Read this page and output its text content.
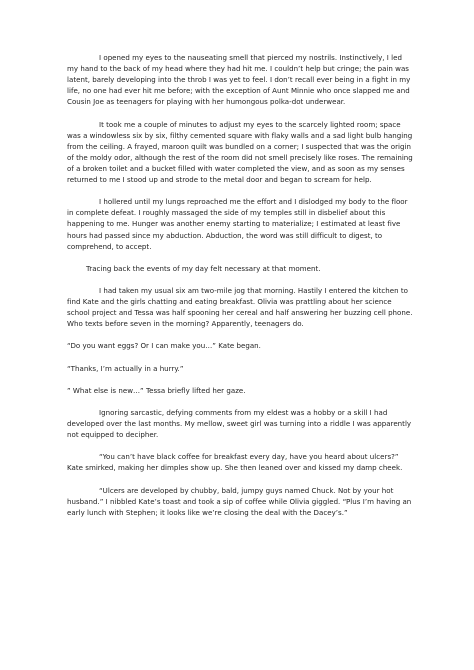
I opened my eyes to the nauseating smell that pierced my nostrils. Instinctively, I led my hand to the back of my head where they had hit me. I couldn’t help but cringe; the pain was latent, barely developing into the throb I was yet to feel. I don’t recall ever being in a fight in my life, no one had ever hit me before; with the exception of Aunt Minnie who once slapped me and Cousin Joe as teenagers for playing with her humongous polka-dot underwear.

It took me a couple of minutes to adjust my eyes to the scarcely lighted room; space was a windowless six by six, filthy cemented square with flaky walls and a sad light bulb hanging from the ceiling. A frayed, maroon quilt was bundled on a corner; I suspected that was the origin of the moldy odor, although the rest of the room did not smell precisely like roses. The remaining of a broken toilet and a bucket filled with water completed the view, and as soon as my senses returned to me I stood up and strode to the metal door and began to scream for help.

I hollered until my lungs reproached me the effort and I dislodged my body to the floor in complete defeat. I roughly massaged the side of my temples still in disbelief about this happening to me. Hunger was another enemy starting to materialize; I estimated at least five hours had passed since my abduction. Abduction, the word was still difficult to digest, to comprehend, to accept.

Tracing back the events of my day felt necessary at that moment.

I had taken my usual six am two-mile jog that morning. Hastily I entered the kitchen to find Kate and the girls chatting and eating breakfast. Olivia was prattling about her science school project and Tessa was half spooning her cereal and half answering her buzzing cell phone. Who texts before seven in the morning? Apparently, teenagers do.

“Do you want eggs? Or I can make you…” Kate began.

“Thanks, I’m actually in a hurry.”

” What else is new…” Tessa briefly lifted her gaze.

Ignoring sarcastic, defying comments from my eldest was a hobby or a skill I had developed over the last months. My mellow, sweet girl was turning into a riddle I was apparently not equipped to decipher.

“You can’t have black coffee for breakfast every day, have you heard about ulcers?” Kate smirked, making her dimples show up. She then leaned over and kissed my damp cheek.

“Ulcers are developed by chubby, bald, jumpy guys named Chuck. Not by your hot husband.” I nibbled Kate’s toast and took a sip of coffee while Olivia giggled. “Plus I’m having an early lunch with Stephen; it looks like we’re closing the deal with the Dacey’s.”
